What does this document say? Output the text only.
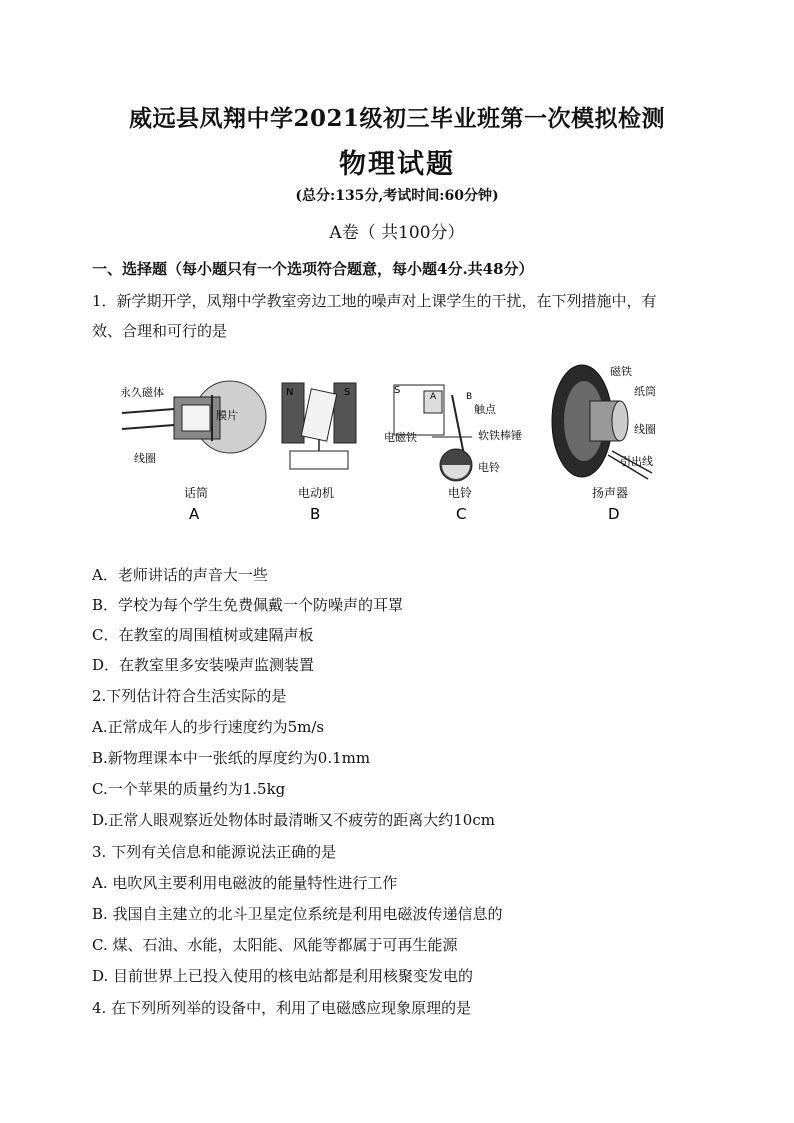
威远县凤翔中学2021级初三毕业班第一次模拟检测
物理试题
(总分:135分,考试时间:60分钟)
A卷（ 共100分）
一、选择题（每小题只有一个选项符合题意，每小题4分.共48分）
1．新学期开学，凤翔中学教室旁边工地的噪声对上课学生的干扰，在下列措施中，有
效、合理和可行的是
永久磁体
膜片
线圈
话筒
A
N	S
电动机
B
S
A	B
触点
电磁铁	软铁棒锤
电铃
电铃
C
磁铁
纸筒
线圈
引出线
扬声器
D
A．老师讲话的声音大一些
B．学校为每个学生免费佩戴一个防噪声的耳罩
C．在教室的周围植树或建隔声板
D．在教室里多安装噪声监测装置
2.下列估计符合生活实际的是
A.正常成年人的步行速度约为5m/s
B.新物理课本中一张纸的厚度约为0.1mm
C.一个苹果的质量约为1.5kg
D.正常人眼观察近处物体时最清晰又不疲劳的距离大约10cm
3. 下列有关信息和能源说法正确的是
A. 电吹风主要利用电磁波的能量特性进行工作
B. 我国自主建立的北斗卫星定位系统是利用电磁波传递信息的
C. 煤、石油、水能，太阳能、风能等都属于可再生能源
D. 目前世界上已投入使用的核电站都是利用核聚变发电的
4. 在下列所列举的设备中，利用了电磁感应现象原理的是
